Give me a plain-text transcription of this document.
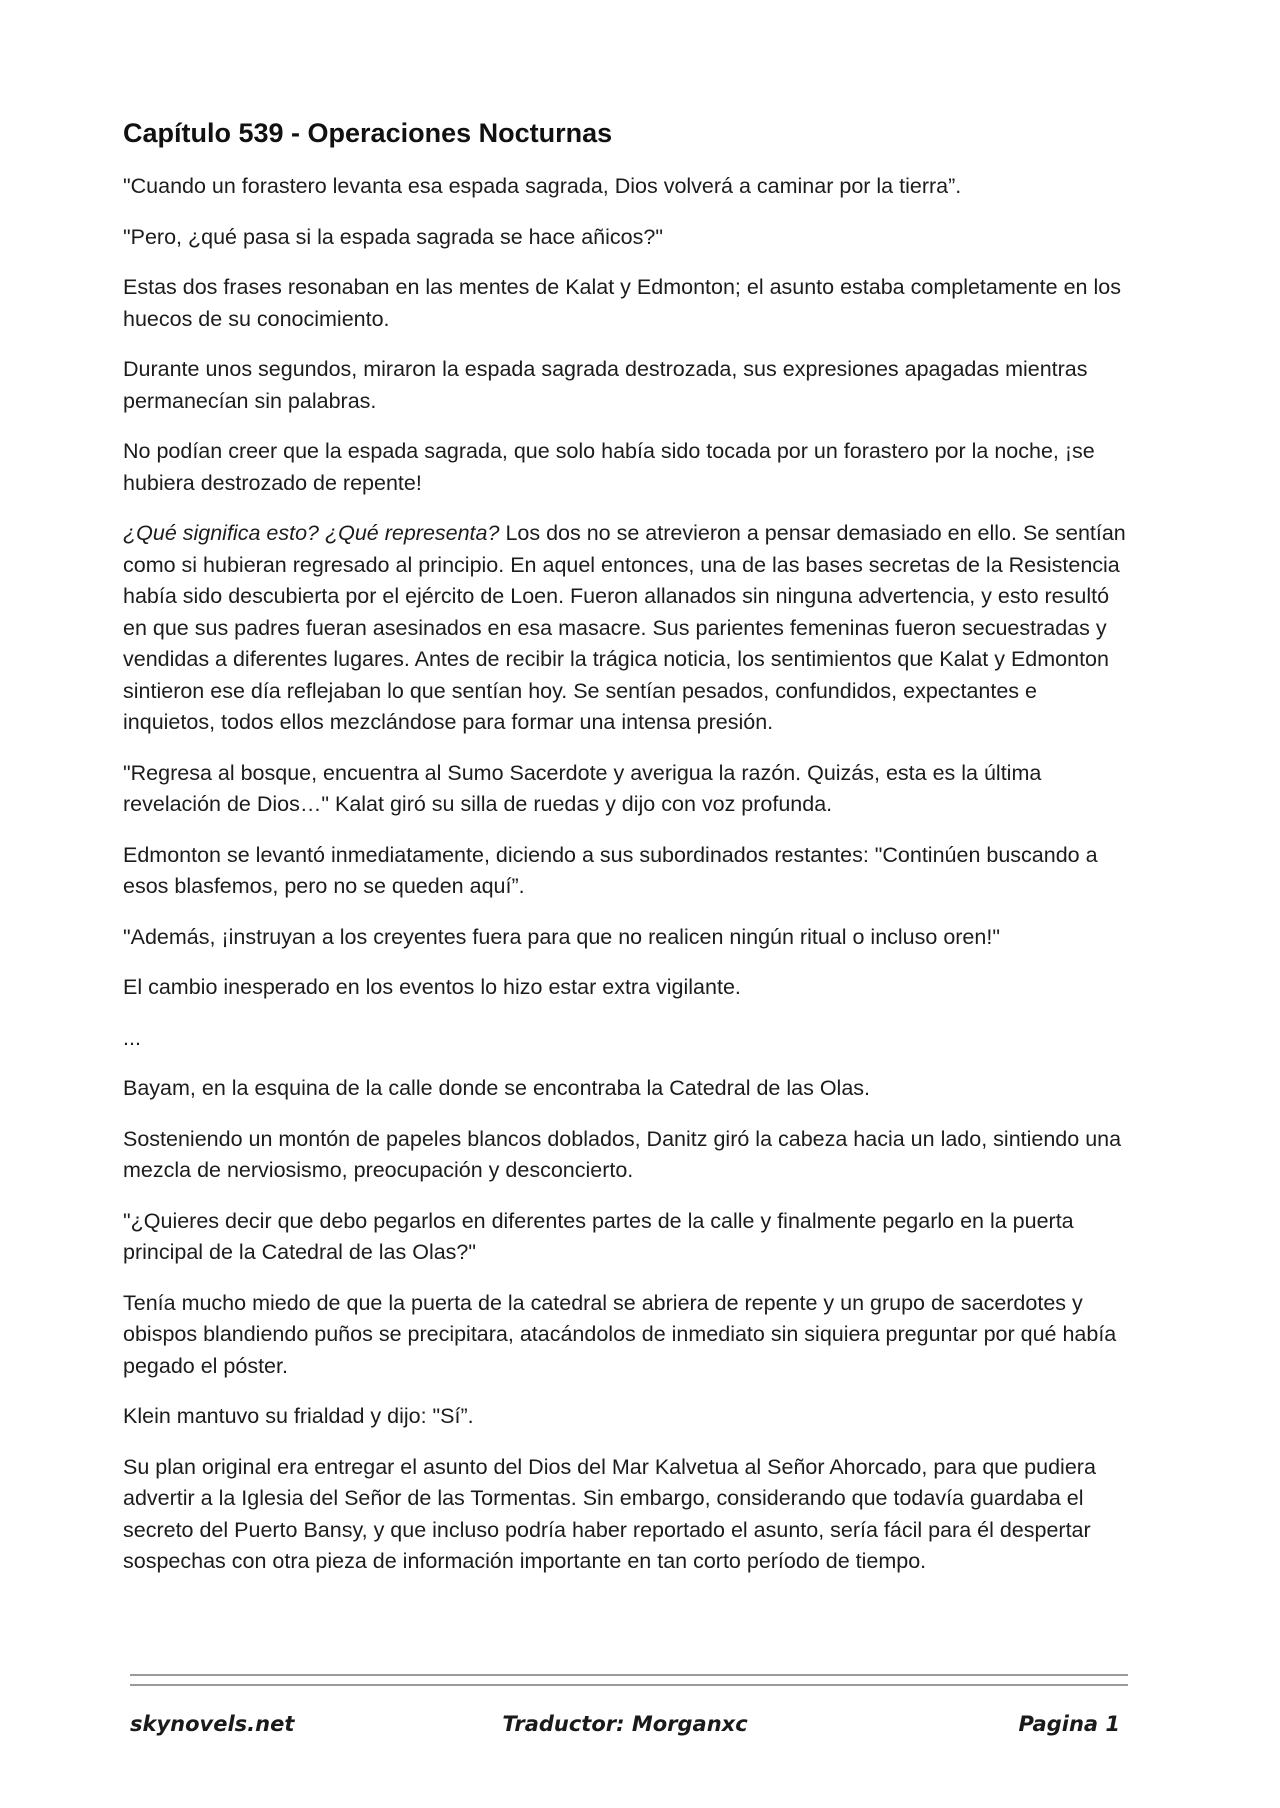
Capítulo 539 - Operaciones Nocturnas

"Cuando un forastero levanta esa espada sagrada, Dios volverá a caminar por la tierra”.

"Pero, ¿qué pasa si la espada sagrada se hace añicos?"

Estas dos frases resonaban en las mentes de Kalat y Edmonton; el asunto estaba completamente en los huecos de su conocimiento.

Durante unos segundos, miraron la espada sagrada destrozada, sus expresiones apagadas mientras permanecían sin palabras.

No podían creer que la espada sagrada, que solo había sido tocada por un forastero por la noche, ¡se hubiera destrozado de repente!

¿Qué significa esto? ¿Qué representa? Los dos no se atrevieron a pensar demasiado en ello. Se sentían como si hubieran regresado al principio. En aquel entonces, una de las bases secretas de la Resistencia había sido descubierta por el ejército de Loen. Fueron allanados sin ninguna advertencia, y esto resultó en que sus padres fueran asesinados en esa masacre. Sus parientes femeninas fueron secuestradas y vendidas a diferentes lugares. Antes de recibir la trágica noticia, los sentimientos que Kalat y Edmonton sintieron ese día reflejaban lo que sentían hoy. Se sentían pesados, confundidos, expectantes e inquietos, todos ellos mezclándose para formar una intensa presión.

"Regresa al bosque, encuentra al Sumo Sacerdote y averigua la razón. Quizás, esta es la última revelación de Dios…" Kalat giró su silla de ruedas y dijo con voz profunda.

Edmonton se levantó inmediatamente, diciendo a sus subordinados restantes: "Continúen buscando a esos blasfemos, pero no se queden aquí”.

"Además, ¡instruyan a los creyentes fuera para que no realicen ningún ritual o incluso oren!"

El cambio inesperado en los eventos lo hizo estar extra vigilante.

...

Bayam, en la esquina de la calle donde se encontraba la Catedral de las Olas.

Sosteniendo un montón de papeles blancos doblados, Danitz giró la cabeza hacia un lado, sintiendo una mezcla de nerviosismo, preocupación y desconcierto.

"¿Quieres decir que debo pegarlos en diferentes partes de la calle y finalmente pegarlo en la puerta principal de la Catedral de las Olas?"

Tenía mucho miedo de que la puerta de la catedral se abriera de repente y un grupo de sacerdotes y obispos blandiendo puños se precipitara, atacándolos de inmediato sin siquiera preguntar por qué había pegado el póster.

Klein mantuvo su frialdad y dijo: "Sí”.

Su plan original era entregar el asunto del Dios del Mar Kalvetua al Señor Ahorcado, para que pudiera advertir a la Iglesia del Señor de las Tormentas. Sin embargo, considerando que todavía guardaba el secreto del Puerto Bansy, y que incluso podría haber reportado el asunto, sería fácil para él despertar sospechas con otra pieza de información importante en tan corto período de tiempo.

skynovels.net	Traductor: Morganxc	Pagina 1
